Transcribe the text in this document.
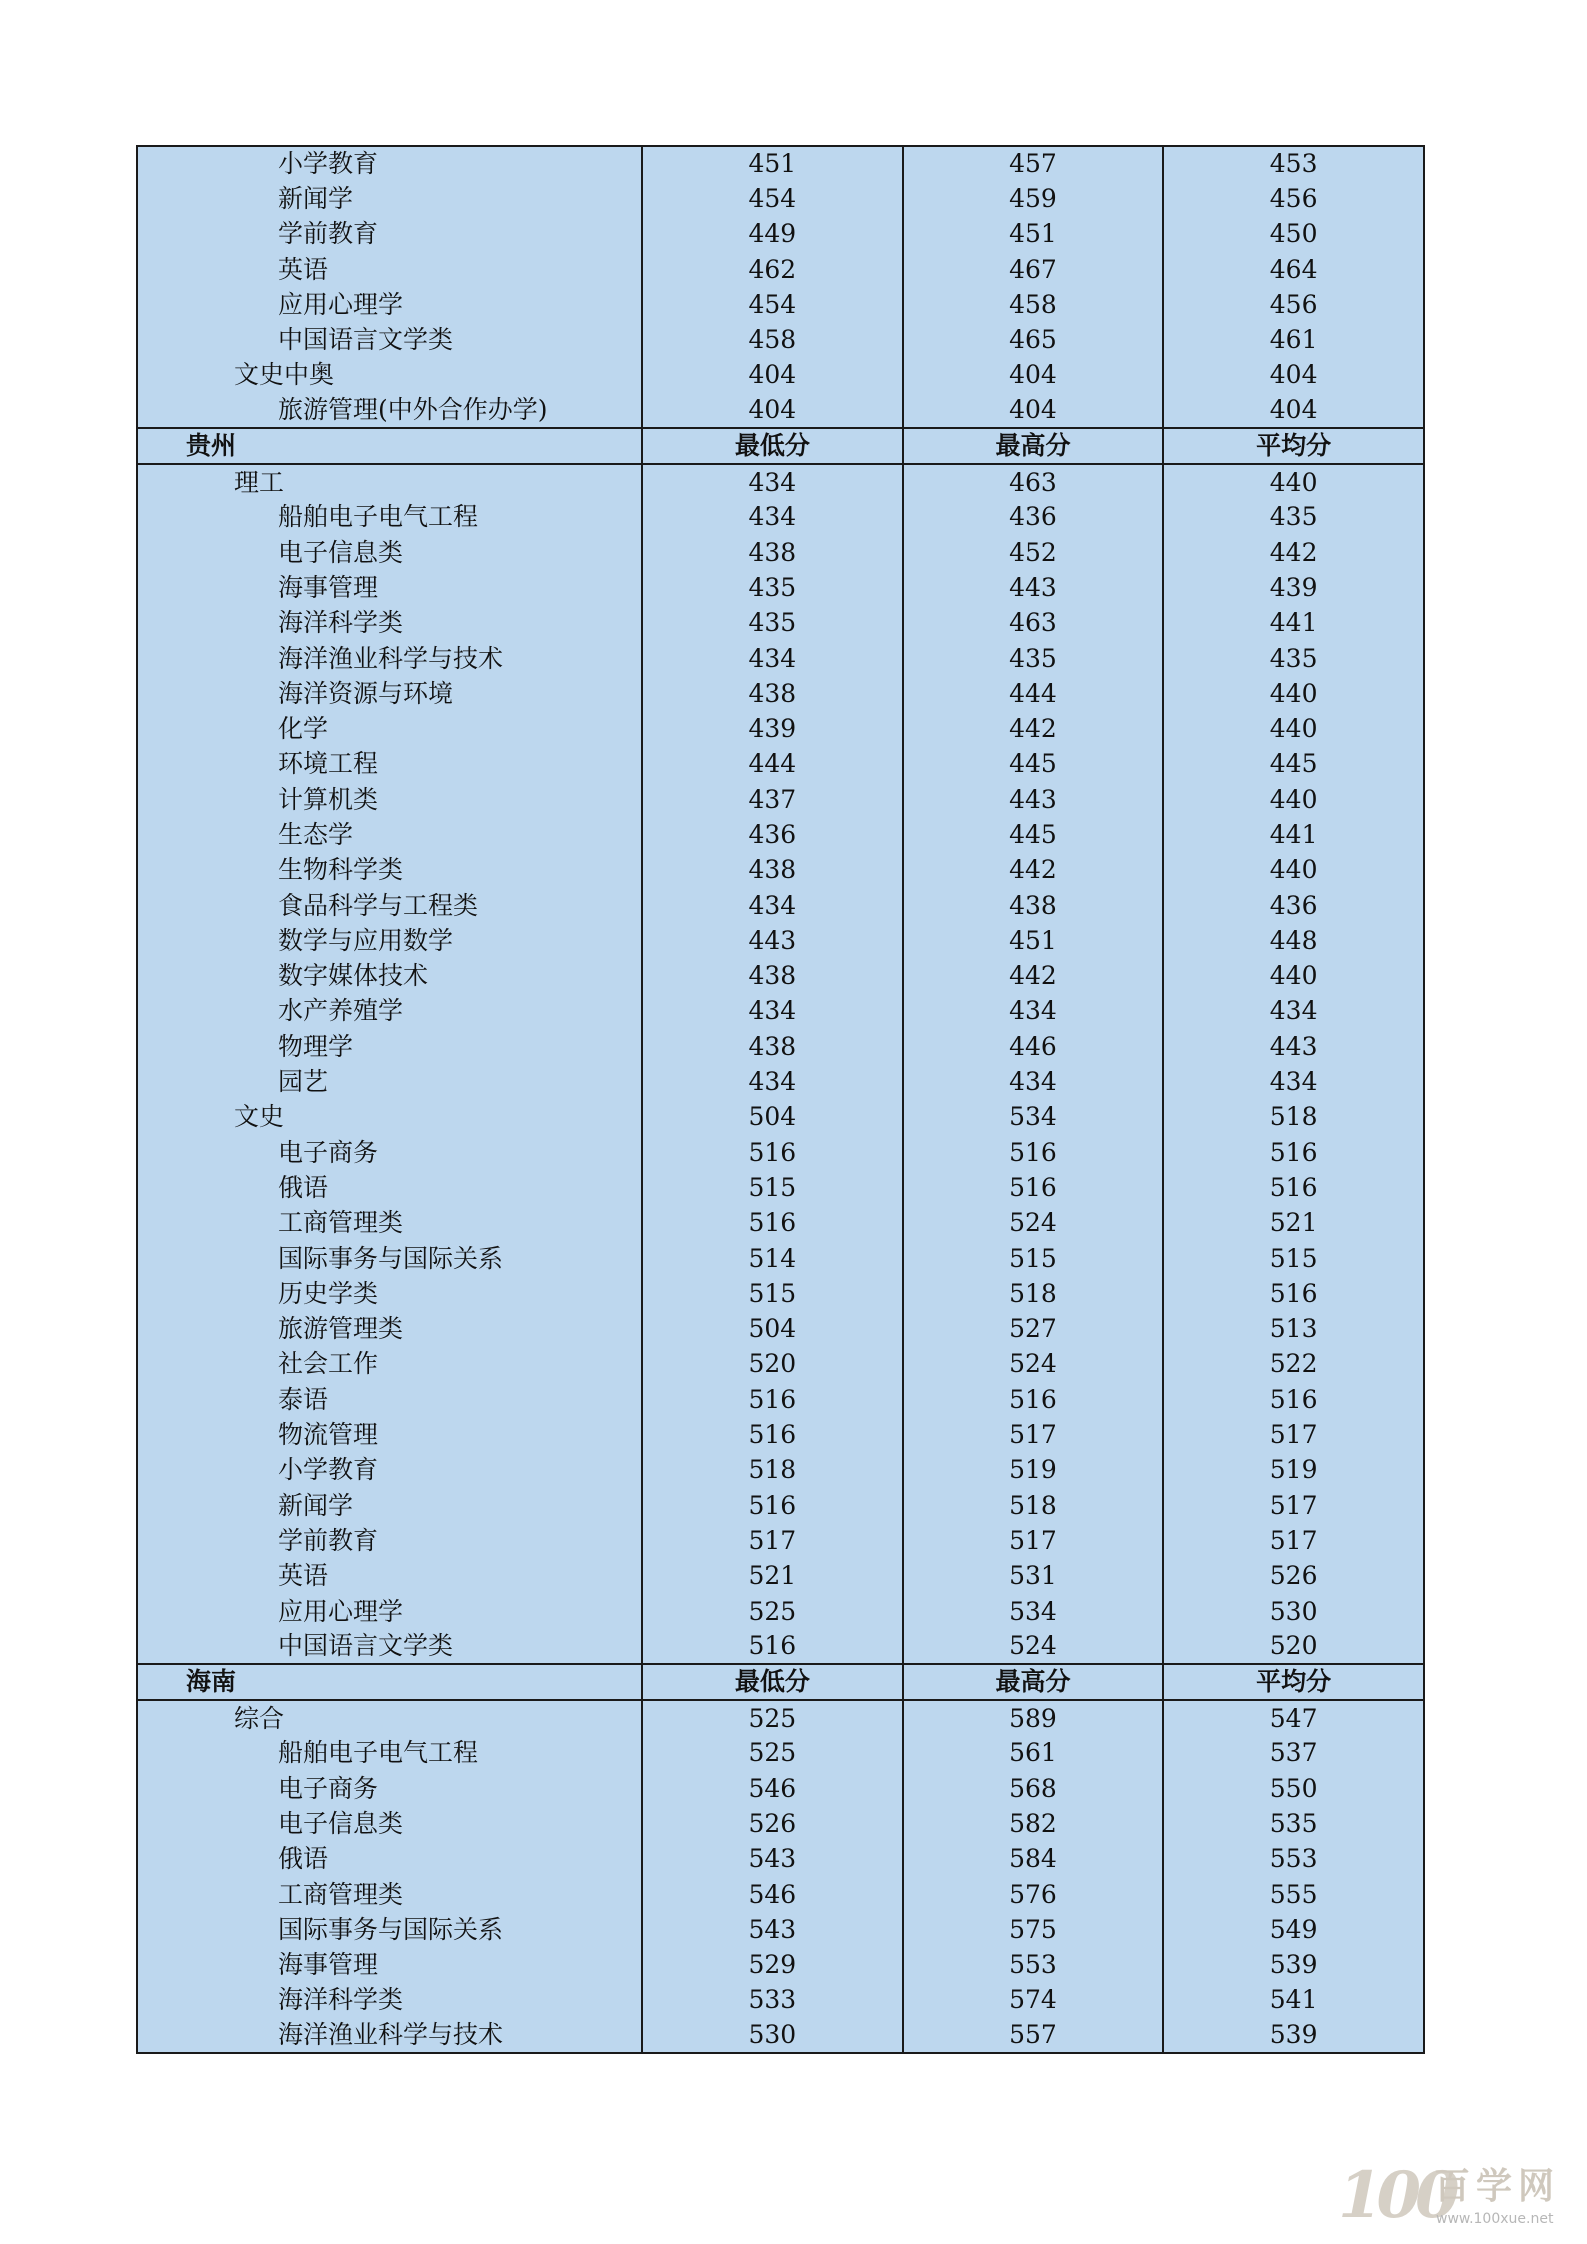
小学教育	451	457	453
新闻学	454	459	456
学前教育	449	451	450
英语	462	467	464
应用心理学	454	458	456
中国语言文学类	458	465	461
文史中奥	404	404	404
旅游管理(中外合作办学)	404	404	404
贵州	最低分	最高分	平均分
理工	434	463	440
船舶电子电气工程	434	436	435
电子信息类	438	452	442
海事管理	435	443	439
海洋科学类	435	463	441
海洋渔业科学与技术	434	435	435
海洋资源与环境	438	444	440
化学	439	442	440
环境工程	444	445	445
计算机类	437	443	440
生态学	436	445	441
生物科学类	438	442	440
食品科学与工程类	434	438	436
数学与应用数学	443	451	448
数字媒体技术	438	442	440
水产养殖学	434	434	434
物理学	438	446	443
园艺	434	434	434
文史	504	534	518
电子商务	516	516	516
俄语	515	516	516
工商管理类	516	524	521
国际事务与国际关系	514	515	515
历史学类	515	518	516
旅游管理类	504	527	513
社会工作	520	524	522
泰语	516	516	516
物流管理	516	517	517
小学教育	518	519	519
新闻学	516	518	517
学前教育	517	517	517
英语	521	531	526
应用心理学	525	534	530
中国语言文学类	516	524	520
海南	最低分	最高分	平均分
综合	525	589	547
船舶电子电气工程	525	561	537
电子商务	546	568	550
电子信息类	526	582	535
俄语	543	584	553
工商管理类	546	576	555
国际事务与国际关系	543	575	549
海事管理	529	553	539
海洋科学类	533	574	541
海洋渔业科学与技术	530	557	539
100
百学网
www.100xue.net
